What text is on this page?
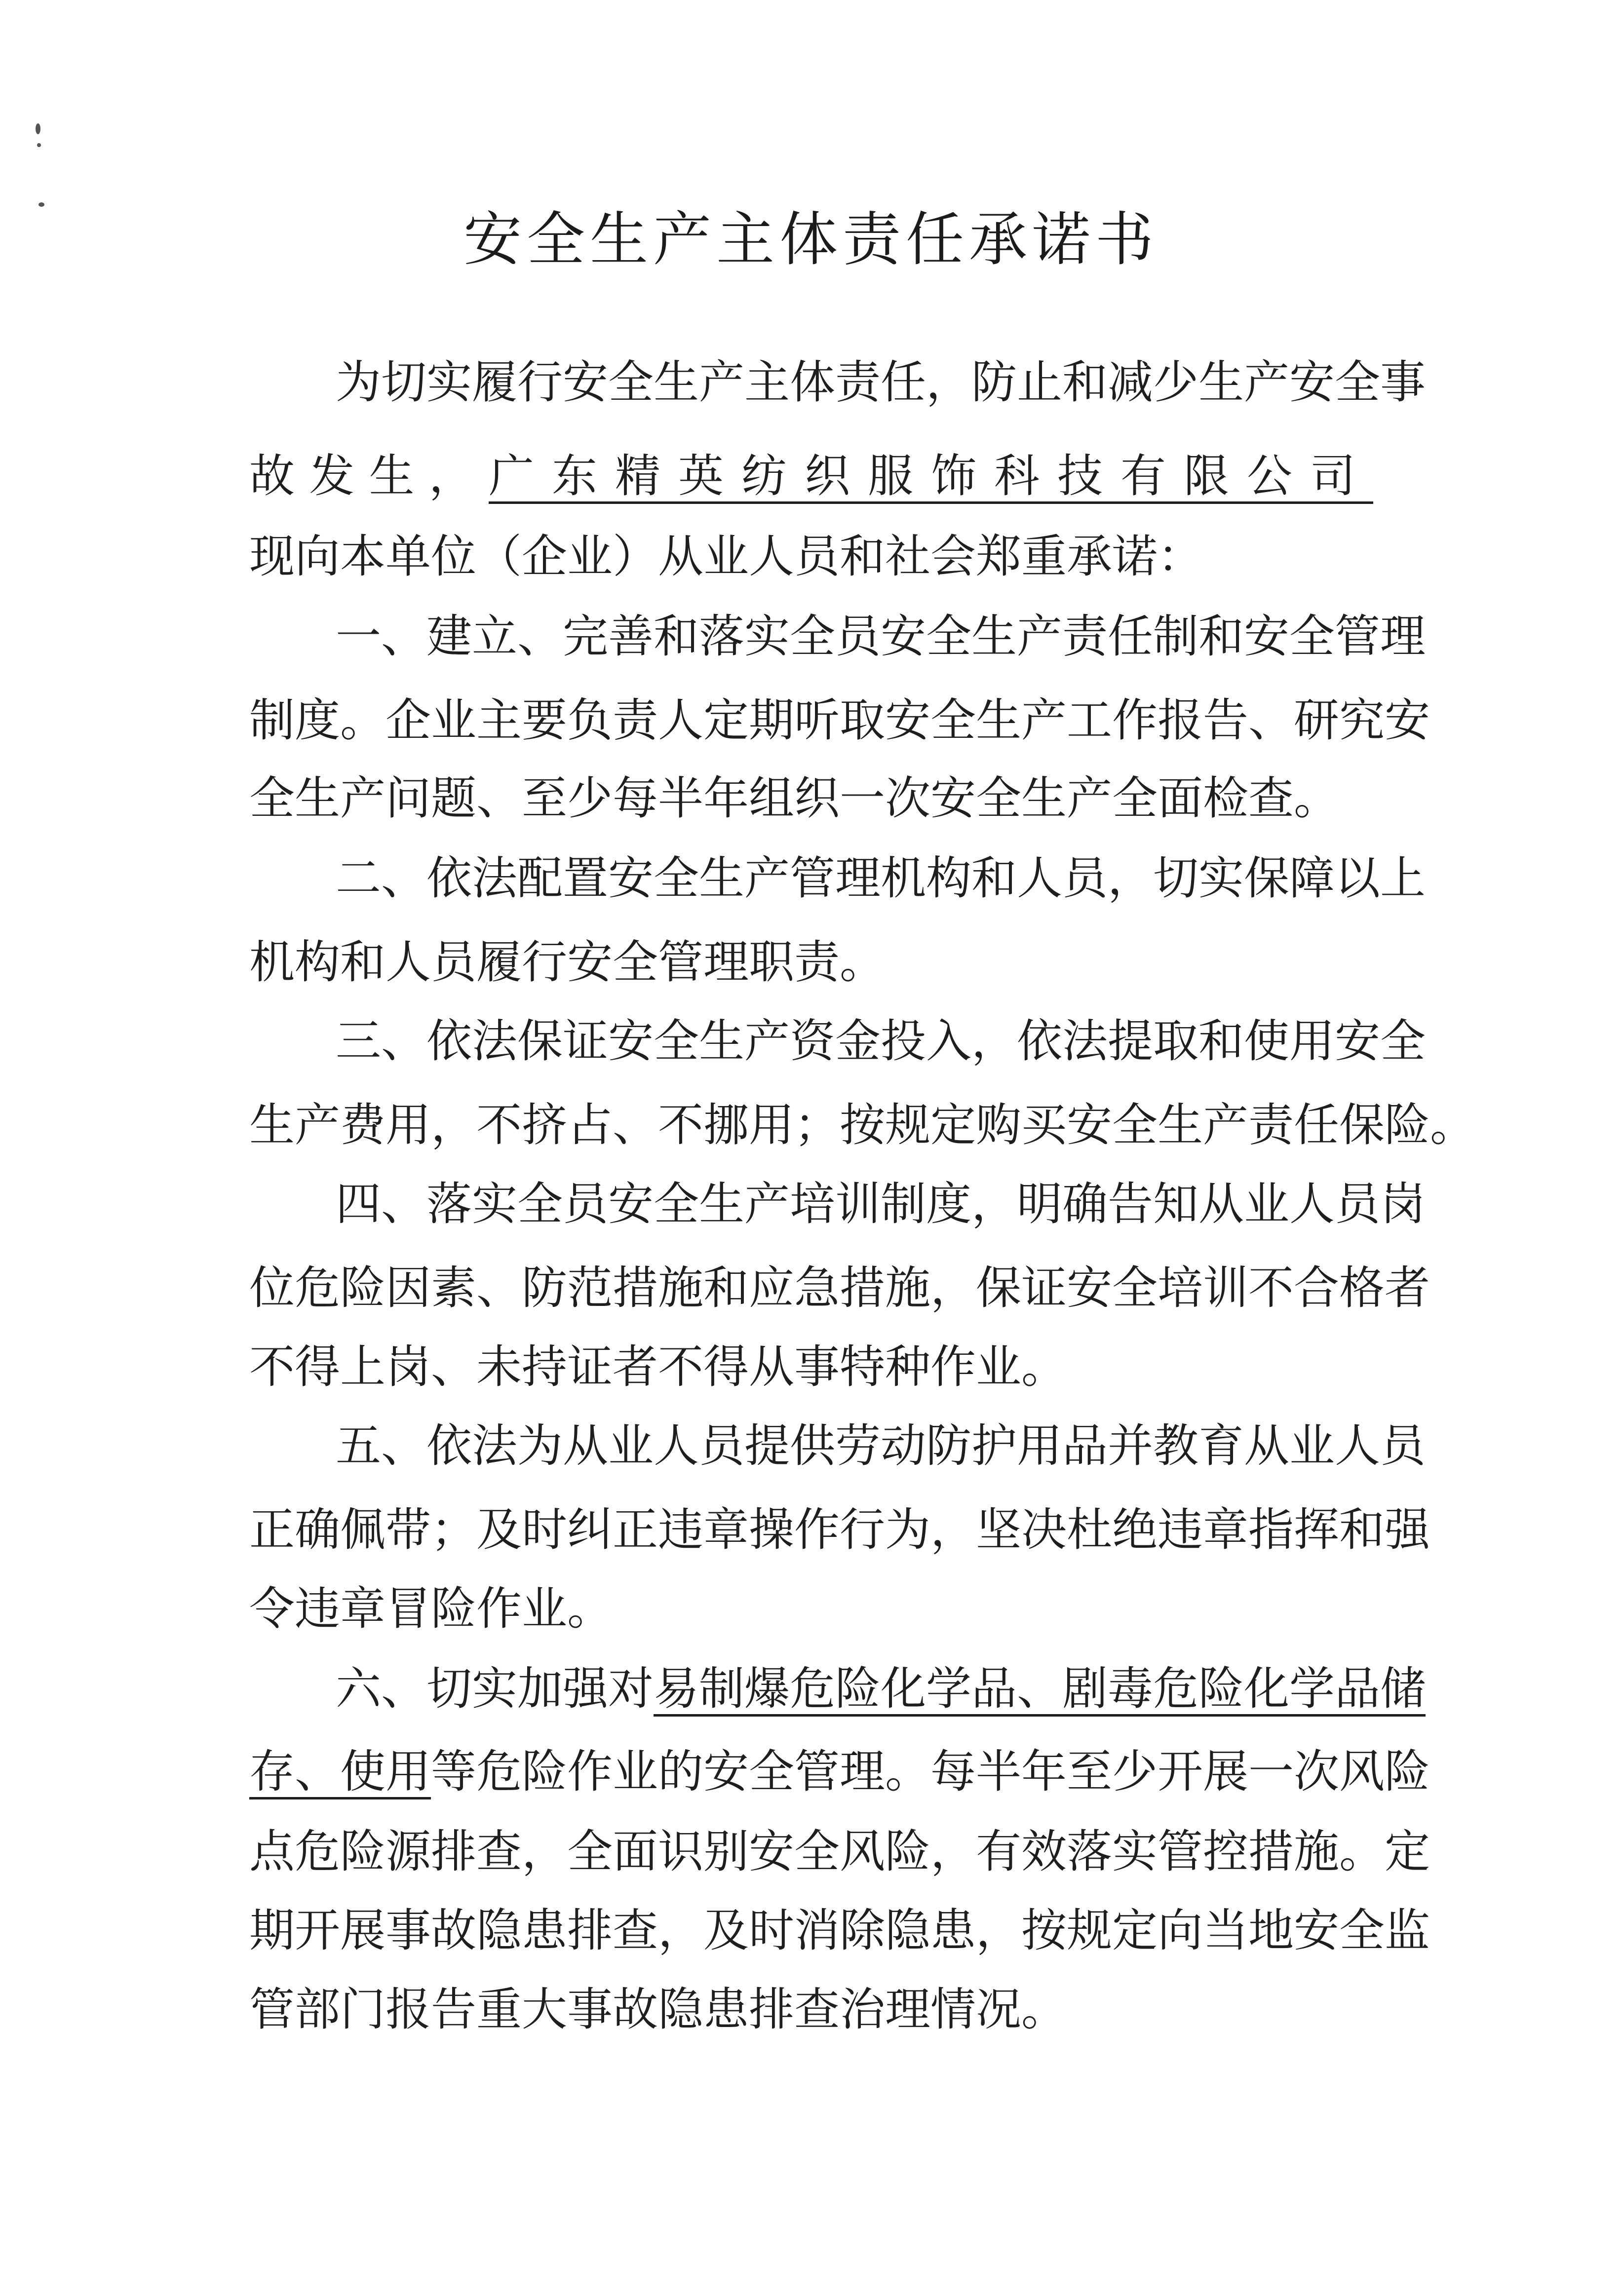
安全生产主体责任承诺书
为切实履行安全生产主体责任，防止和减少生产安全事
故 发 生 ， 广东精英纺织服饰科技有限公司
现向本单位（企业）从业人员和社会郑重承诺：
一、建立、完善和落实全员安全生产责任制和安全管理
制度。企业主要负责人定期听取安全生产工作报告、研究安
全生产问题、至少每半年组织一次安全生产全面检查。
二、依法配置安全生产管理机构和人员，切实保障以上
机构和人员履行安全管理职责。
三、依法保证安全生产资金投入，依法提取和使用安全
生产费用，不挤占、不挪用；按规定购买安全生产责任保险。
四、落实全员安全生产培训制度，明确告知从业人员岗
位危险因素、防范措施和应急措施，保证安全培训不合格者
不得上岗、未持证者不得从事特种作业。
五、依法为从业人员提供劳动防护用品并教育从业人员
正确佩带；及时纠正违章操作行为，坚决杜绝违章指挥和强
令违章冒险作业。
六、切实加强对易制爆危险化学品、剧毒危险化学品储
存、使用等危险作业的安全管理。每半年至少开展一次风险
点危险源排查，全面识别安全风险，有效落实管控措施。定
期开展事故隐患排查，及时消除隐患，按规定向当地安全监
管部门报告重大事故隐患排查治理情况。
